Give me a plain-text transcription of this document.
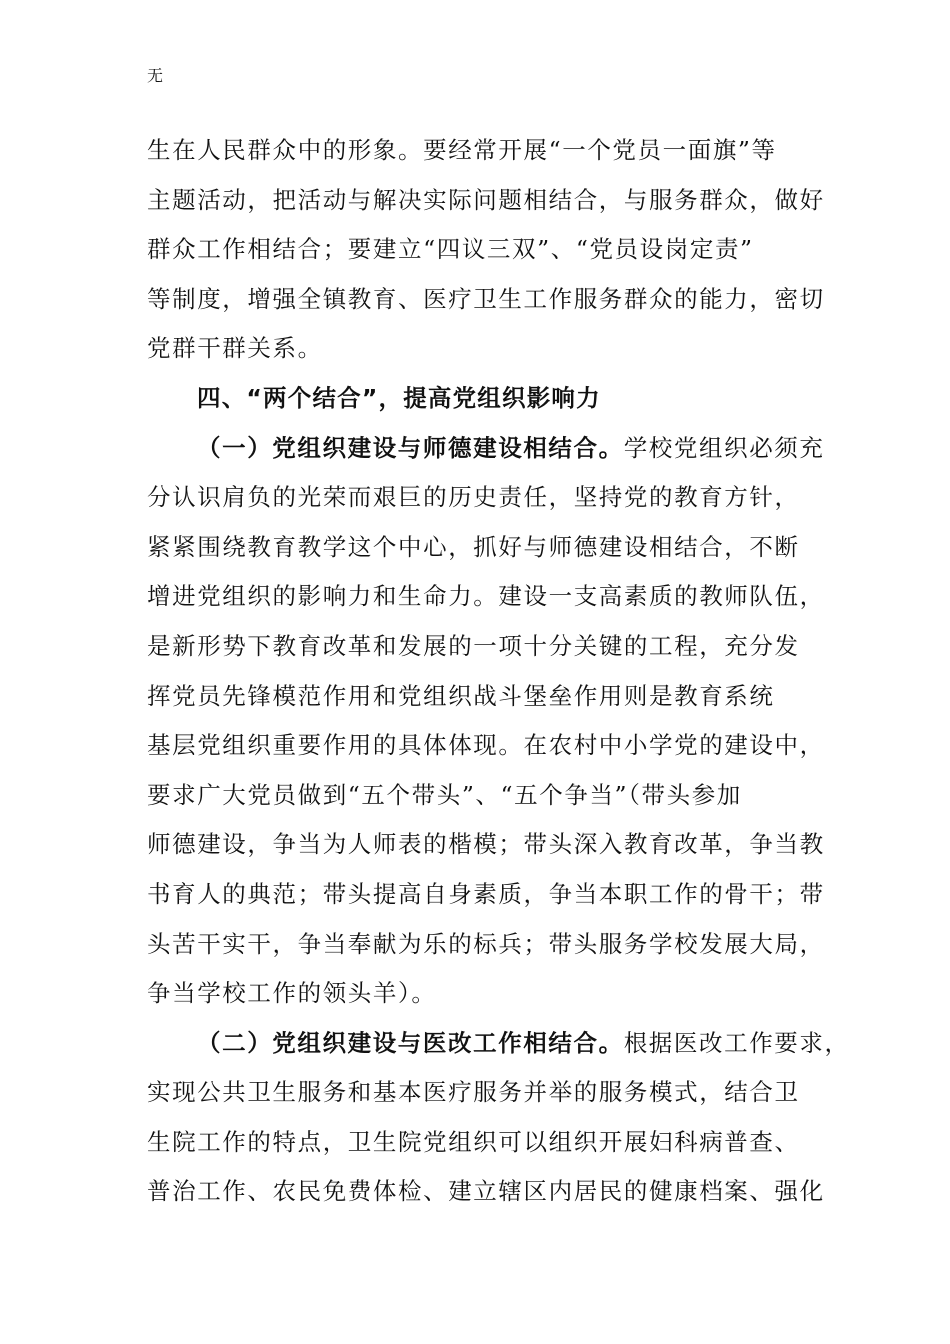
无
生在人民群众中的形象。要经常开展“一个党员一面旗”等
主题活动，把活动与解决实际问题相结合，与服务群众，做好
群众工作相结合；要建立“四议三双”、“党员设岗定责”
等制度，增强全镇教育、医疗卫生工作服务群众的能力，密切
党群干群关系。
四、“两个结合”，提高党组织影响力
（一）党组织建设与师德建设相结合。学校党组织必须充
分认识肩负的光荣而艰巨的历史责任，坚持党的教育方针，
紧紧围绕教育教学这个中心，抓好与师德建设相结合，不断
增进党组织的影响力和生命力。建设一支高素质的教师队伍，
是新形势下教育改革和发展的一项十分关键的工程，充分发
挥党员先锋模范作用和党组织战斗堡垒作用则是教育系统
基层党组织重要作用的具体体现。在农村中小学党的建设中，
要求广大党员做到“五个带头”、“五个争当”（带头参加
师德建设，争当为人师表的楷模；带头深入教育改革，争当教
书育人的典范；带头提高自身素质，争当本职工作的骨干；带
头苦干实干，争当奉献为乐的标兵；带头服务学校发展大局，
争当学校工作的领头羊）。
（二）党组织建设与医改工作相结合。根据医改工作要求，
实现公共卫生服务和基本医疗服务并举的服务模式，结合卫
生院工作的特点，卫生院党组织可以组织开展妇科病普查、
普治工作、农民免费体检、建立辖区内居民的健康档案、强化
